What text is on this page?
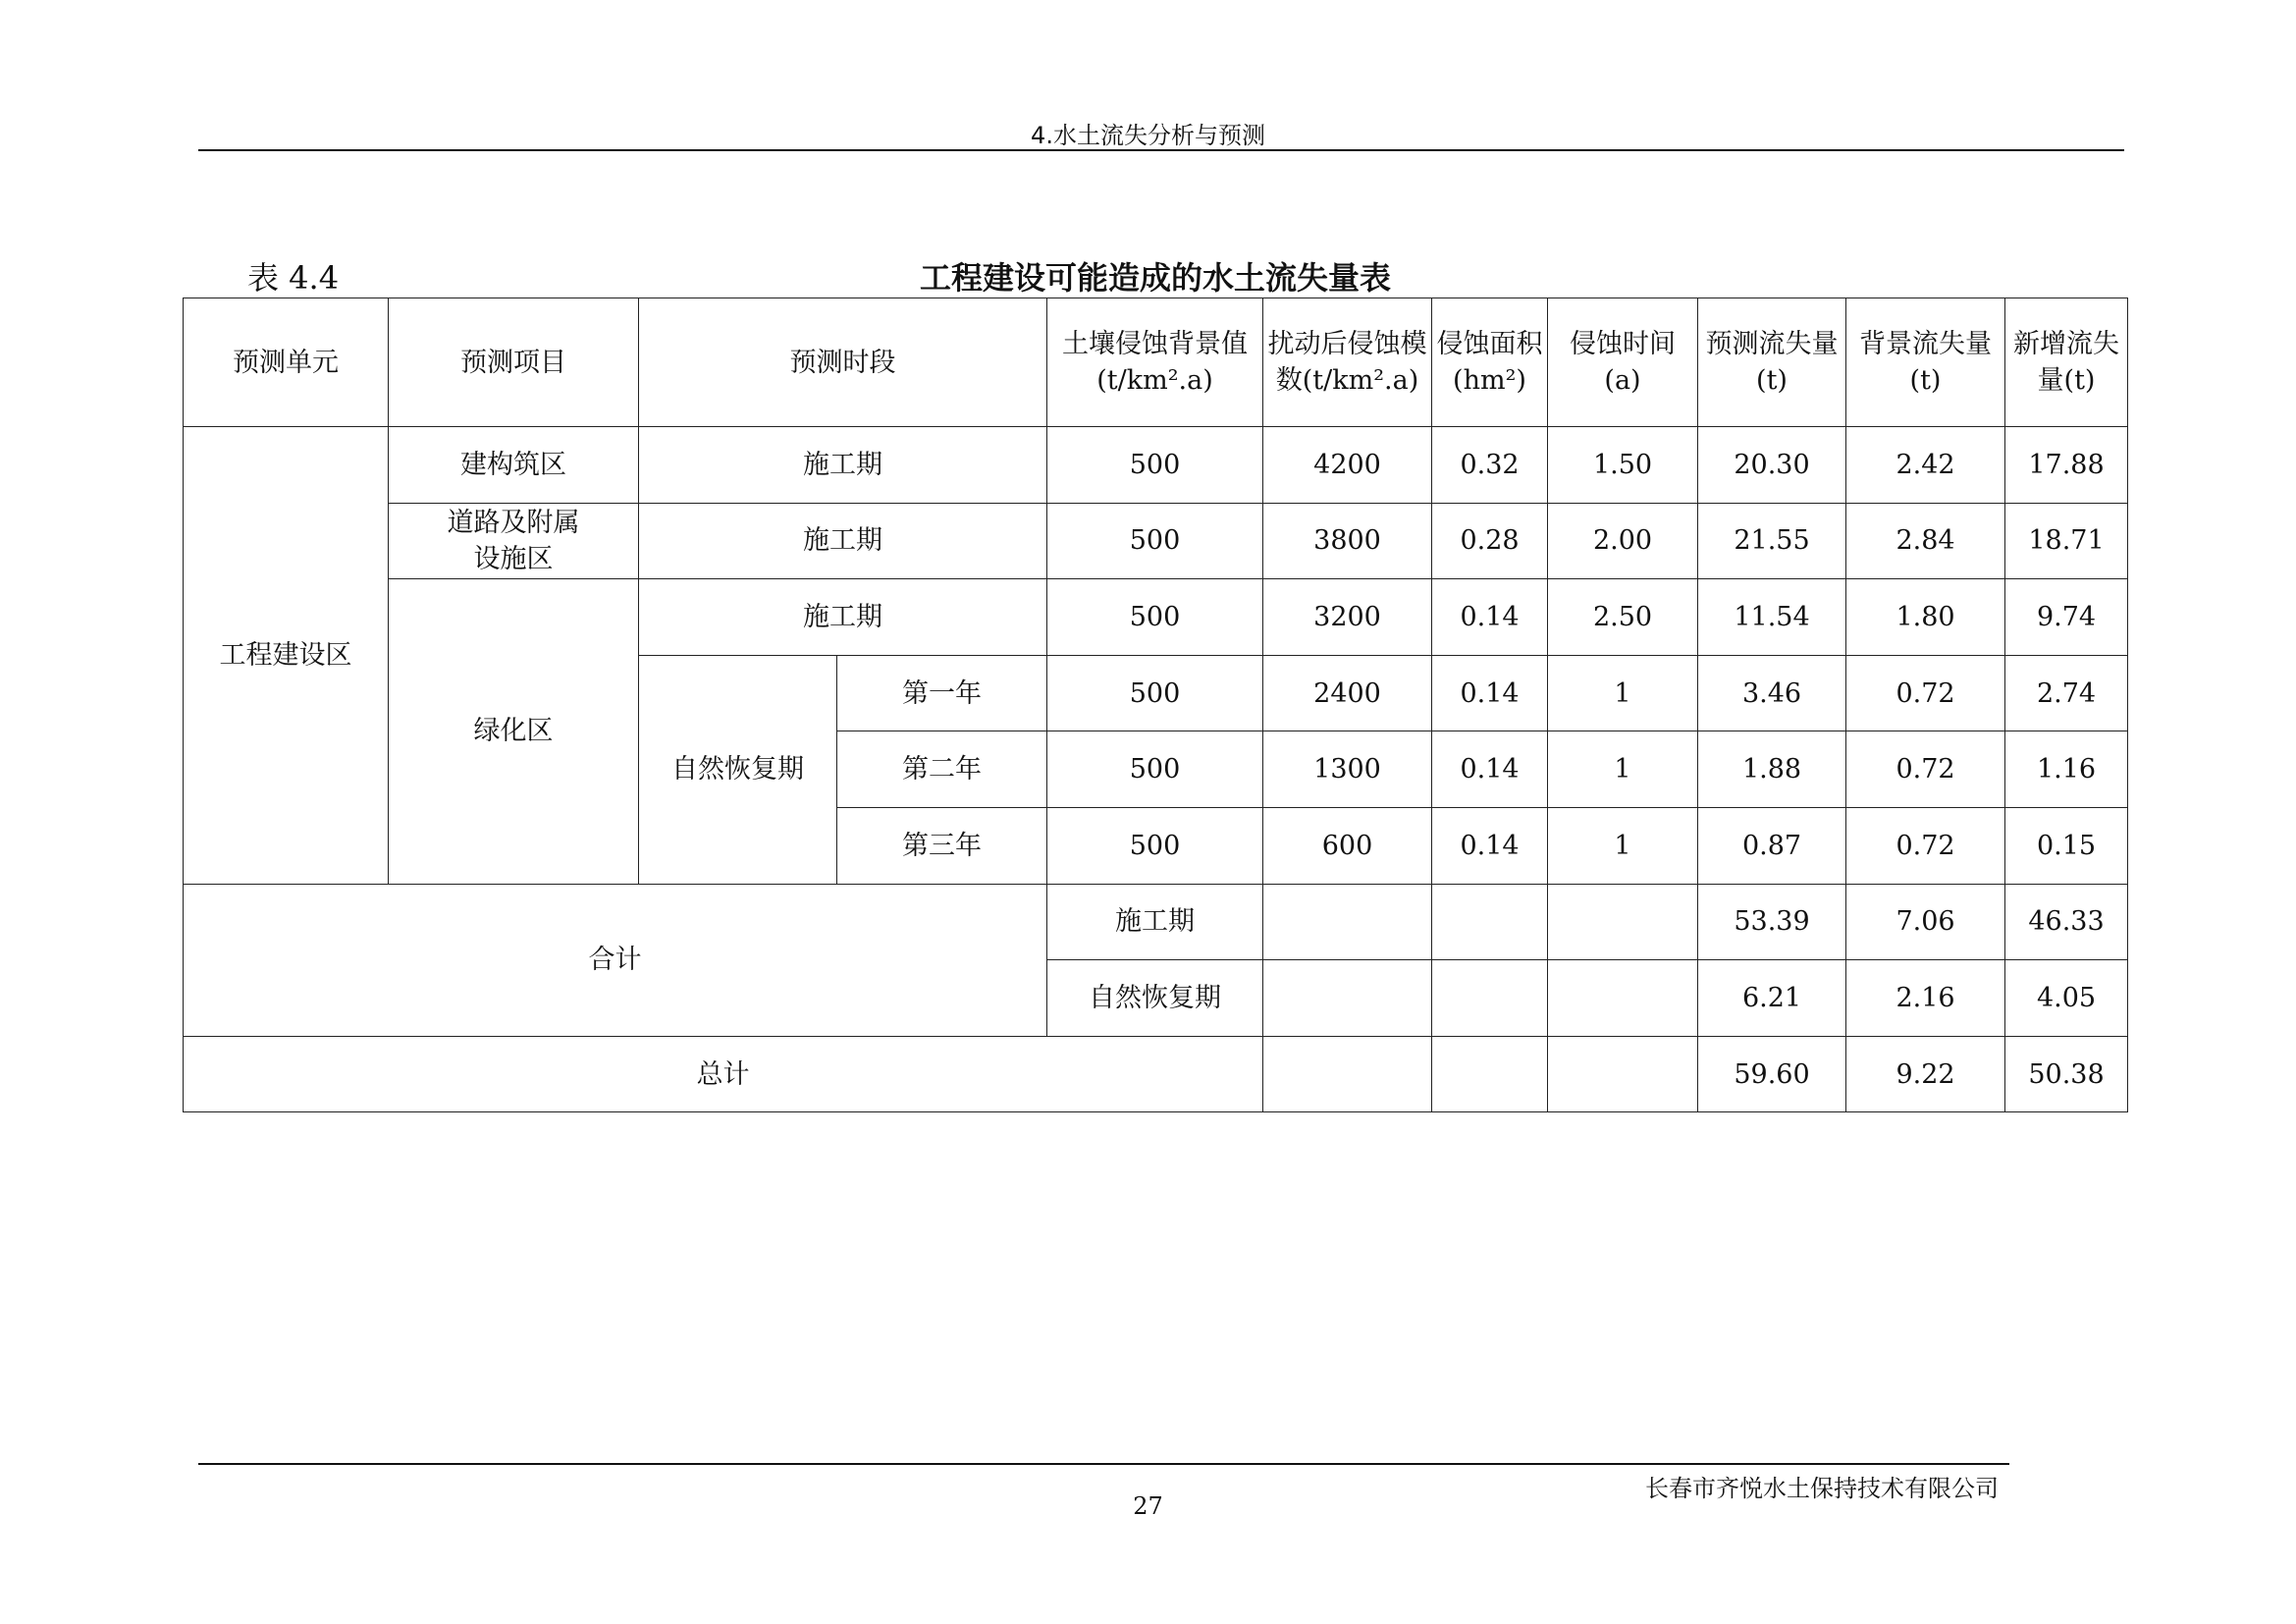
4.水土流失分析与预测
工程建设可能造成的水土流失量表
表 4.4
预测单元	预测项目	预测时段		土壤侵蚀背景值(t/km².a)	扰动后侵蚀模数(t/km².a)	侵蚀面积(hm²)	侵蚀时间(a)	预测流失量(t)	背景流失量(t)	新增流失量(t)
工程建设区	建构筑区	施工期		500	4200	0.32	1.50	20.30	2.42	17.88
	道路及附属设施区	施工期		500	3800	0.28	2.00	21.55	2.84	18.71
	绿化区	施工期		500	3200	0.14	2.50	11.54	1.80	9.74
		自然恢复期	第一年	500	2400	0.14	1	3.46	0.72	2.74
			第二年	500	1300	0.14	1	1.88	0.72	1.16
			第三年	500	600	0.14	1	0.87	0.72	0.15
合计				施工期				53.39	7.06	46.33
				自然恢复期				6.21	2.16	4.05
总计								59.60	9.22	50.38
长春市齐悦水土保持技术有限公司
27
